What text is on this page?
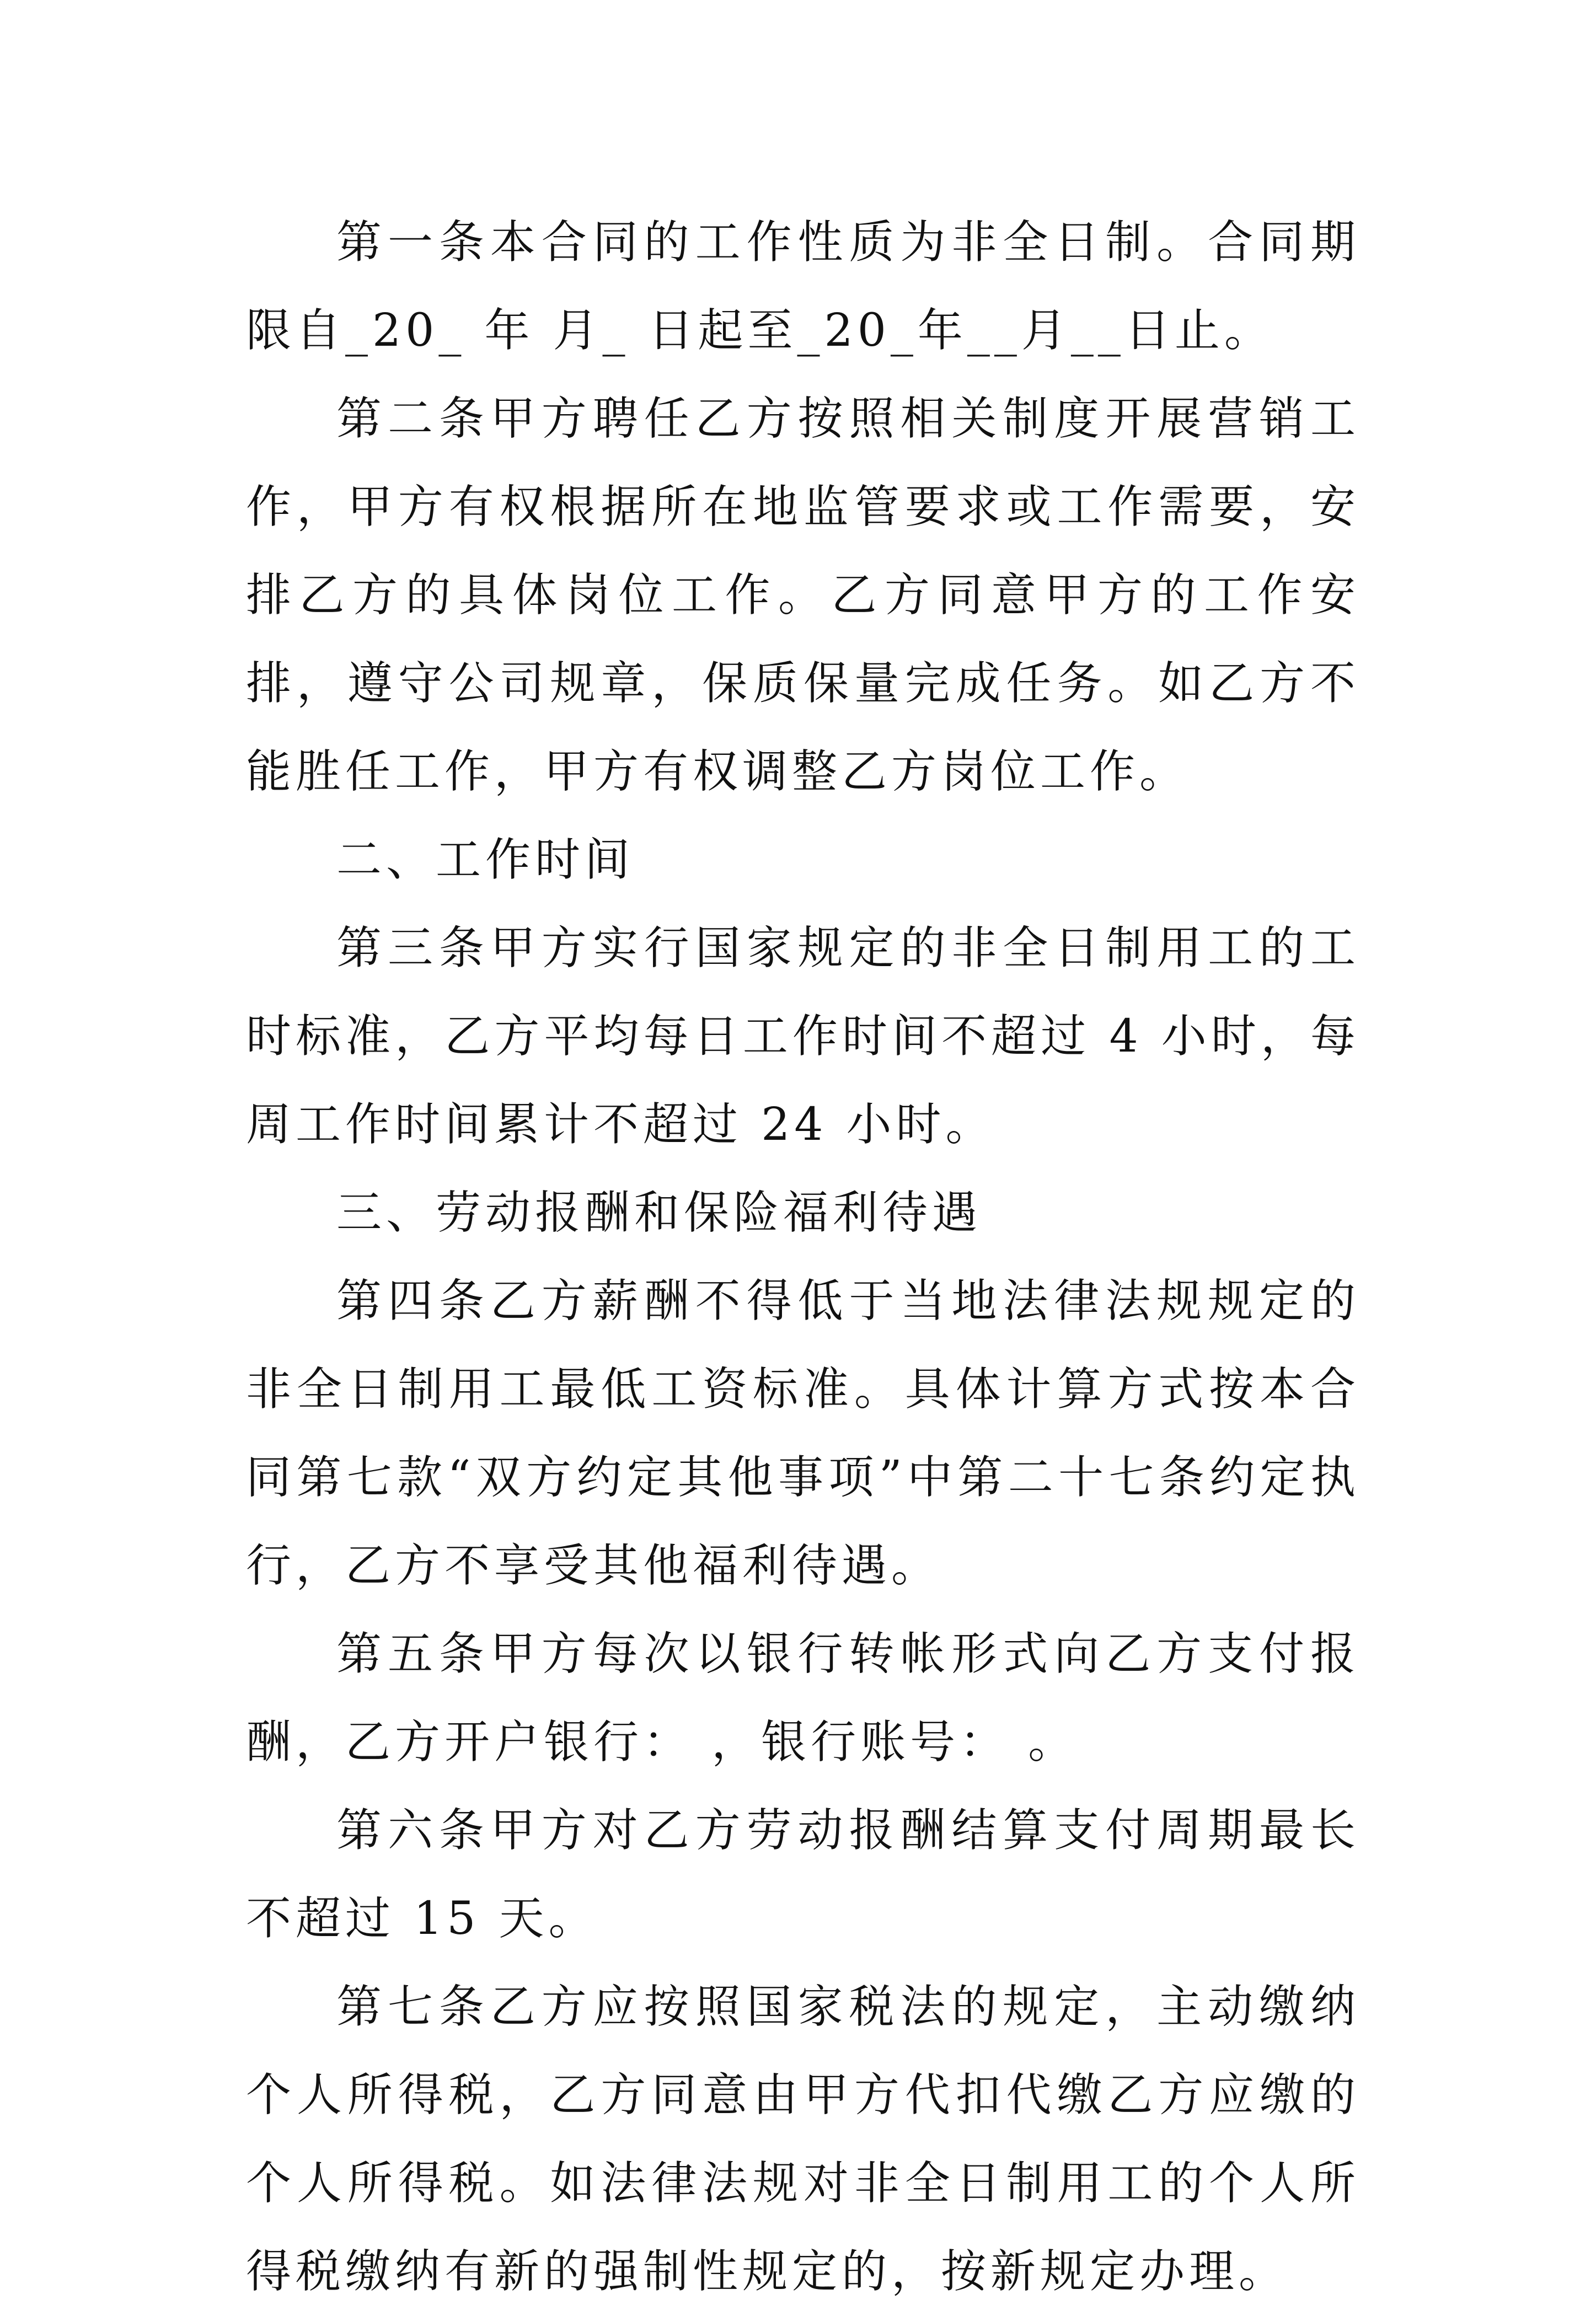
第一条本合同的工作性质为非全日制。合同期限自_20_ 年 月_ 日起至_20_年__月__日止。

第二条甲方聘任乙方按照相关制度开展营销工作，甲方有权根据所在地监管要求或工作需要，安排乙方的具体岗位工作。乙方同意甲方的工作安排，遵守公司规章，保质保量完成任务。如乙方不能胜任工作，甲方有权调整乙方岗位工作。

二、工作时间

第三条甲方实行国家规定的非全日制用工的工时标准，乙方平均每日工作时间不超过 4 小时，每周工作时间累计不超过 24 小时。

三、劳动报酬和保险福利待遇

第四条乙方薪酬不得低于当地法律法规规定的非全日制用工最低工资标准。具体计算方式按本合同第七款“双方约定其他事项”中第二十七条约定执行，乙方不享受其他福利待遇。

第五条甲方每次以银行转帐形式向乙方支付报酬，乙方开户银行： ，银行账号： 。

第六条甲方对乙方劳动报酬结算支付周期最长不超过 15 天。

第七条乙方应按照国家税法的规定，主动缴纳个人所得税，乙方同意由甲方代扣代缴乙方应缴的个人所得税。如法律法规对非全日制用工的个人所得税缴纳有新的强制性规定的，按新规定办理。
